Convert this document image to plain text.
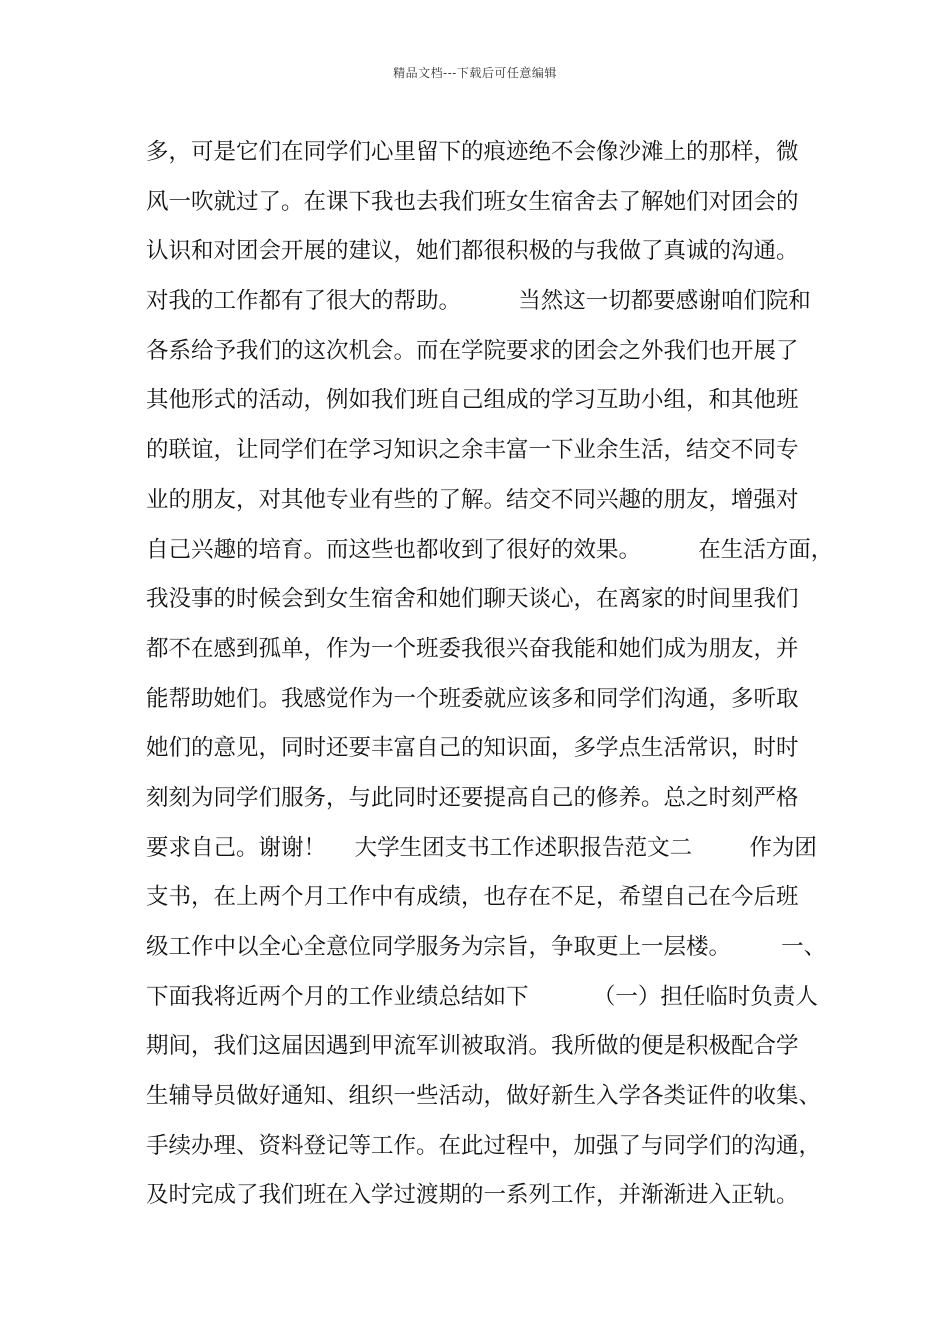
精品文档---下载后可任意编辑
多，可是它们在同学们心里留下的痕迹绝不会像沙滩上的那样，微
风一吹就过了。在课下我也去我们班女生宿舍去了解她们对团会的
认识和对团会开展的建议，她们都很积极的与我做了真诚的沟通。
对我的工作都有了很大的帮助。        当然这一切都要感谢咱们院和
各系给予我们的这次机会。而在学院要求的团会之外我们也开展了
其他形式的活动，例如我们班自己组成的学习互助小组，和其他班
的联谊，让同学们在学习知识之余丰富一下业余生活，结交不同专
业的朋友，对其他专业有些的了解。结交不同兴趣的朋友，增强对
自己兴趣的培育。而这些也都收到了很好的效果。        在生活方面，
我没事的时候会到女生宿舍和她们聊天谈心，在离家的时间里我们
都不在感到孤单，作为一个班委我很兴奋我能和她们成为朋友，并
能帮助她们。我感觉作为一个班委就应该多和同学们沟通，多听取
她们的意见，同时还要丰富自己的知识面，多学点生活常识，时时
刻刻为同学们服务，与此同时还要提高自己的修养。总之时刻严格
要求自己。谢谢！    大学生团支书工作述职报告范文二        作为团
支书，在上两个月工作中有成绩，也存在不足，希望自己在今后班
级工作中以全心全意位同学服务为宗旨，争取更上一层楼。       一、
下面我将近两个月的工作业绩总结如下         （一）担任临时负责人
期间，我们这届因遇到甲流军训被取消。我所做的便是积极配合学
生辅导员做好通知、组织一些活动，做好新生入学各类证件的收集、
手续办理、资料登记等工作。在此过程中，加强了与同学们的沟通，
及时完成了我们班在入学过渡期的一系列工作，并渐渐进入正轨。
